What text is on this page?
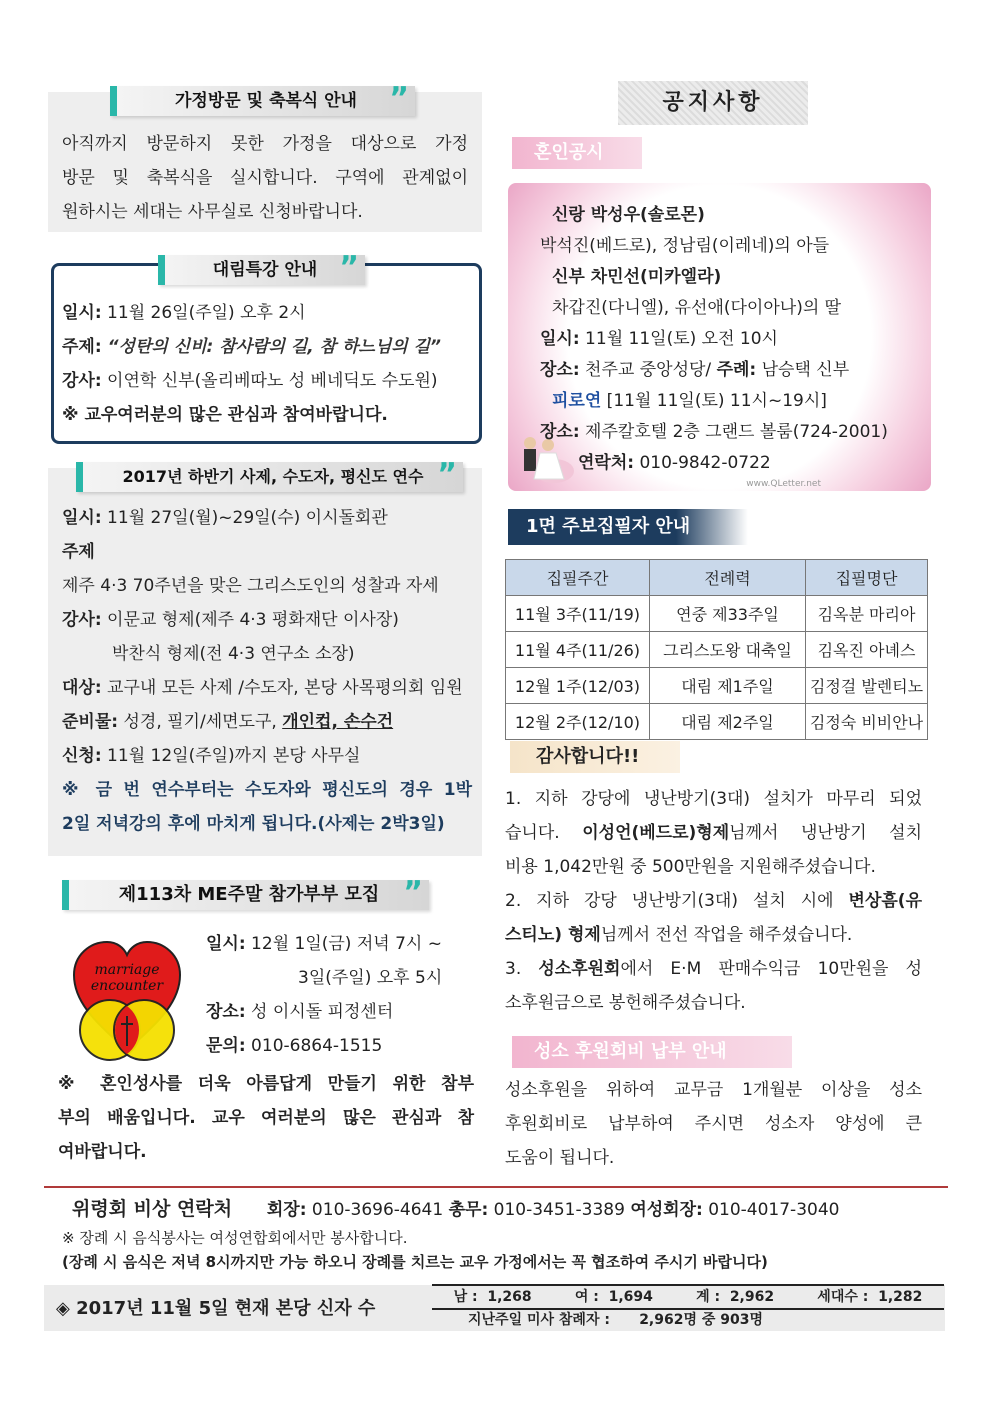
가정방문 및 축복식 안내 ”
아직까지 방문하지 못한 가정을 대상으로 가정
방문 및 축복식을 실시합니다. 구역에 관계없이
원하시는 세대는 사무실로 신청바랍니다.
대림특강 안내 ”
일시: 11월 26일(주일) 오후 2시
주제: “성탄의 신비: 참사람의 길, 참 하느님의 길”
강사: 이연학 신부(올리베따노 성 베네딕도 수도원)
※ 교우여러분의 많은 관심과 참여바랍니다.
2017년 하반기 사제, 수도자, 평신도 연수 ”
일시: 11월 27일(월)~29일(수) 이시돌회관
주제
제주 4·3 70주년을 맞은 그리스도인의 성찰과 자세
강사: 이문교 형제(제주 4·3 평화재단 이사장)
박찬식 형제(전 4·3 연구소 소장)
대상: 교구내 모든 사제 /수도자, 본당 사목평의회 임원
준비물: 성경, 필기/세면도구, 개인컵, 손수건
신청: 11월 12일(주일)까지 본당 사무실
※ 금 번 연수부터는 수도자와 평신도의 경우 1박
2일 저녁강의 후에 마치게 됩니다.(사제는 2박3일)
제113차 ME주말 참가부부 모집 ”
marriage
encounter
일시: 12월 1일(금) 저녁 7시 ~
3일(주일) 오후 5시
장소: 성 이시돌 피정센터
문의: 010-6864-1515
※ 혼인성사를 더욱 아름답게 만들기 위한 참부
부의 배움입니다. 교우 여러분의 많은 관심과 참
여바랍니다.
공지사항
혼인공시
www.QLetter.net
신랑 박성우(솔로몬)
박석진(베드로), 정남림(이레네)의 아들
신부 차민선(미카엘라)
차갑진(다니엘), 유선애(다이아나)의 딸
일시: 11월 11일(토) 오전 10시
장소: 천주교 중앙성당/ 주례: 남승택 신부
피로연 [11월 11일(토) 11시~19시]
장소: 제주칼호텔 2층 그랜드 볼룸(724-2001)
연락처: 010-9842-0722
1면 주보집필자 안내
집필주간	전례력	집필명단
11월 3주(11/19)	연중 제33주일	김옥분 마리아
11월 4주(11/26)	그리스도왕 대축일	김옥진 아녜스
12월 1주(12/03)	대림 제1주일	김정걸 발렌티노
12월 2주(12/10)	대림 제2주일	김정숙 비비안나
감사합니다!!
1. 지하 강당에 냉난방기(3대) 설치가 마무리 되었
습니다. 이성언(베드로)형제님께서 냉난방기 설치
비용 1,042만원 중 500만원을 지원해주셨습니다.
2. 지하 강당 냉난방기(3대) 설치 시에 변상흠(유
스티노) 형제님께서 전선 작업을 해주셨습니다.
3. 성소후원회에서 E·M 판매수익금 10만원을 성
소후원금으로 봉헌해주셨습니다.
성소 후원회비 납부 안내
성소후원을 위하여 교무금 1개월분 이상을 성소
후원회비로 납부하여 주시면 성소자 양성에 큰
도움이 됩니다.
위령회 비상 연락처 회장: 010-3696-4641 총무: 010-3451-3389 여성회장: 010-4017-3040
※ 장례 시 음식봉사는 여성연합회에서만 봉사합니다.
(장례 시 음식은 저녁 8시까지만 가능 하오니 장례를 치르는 교우 가정에서는 꼭 협조하여 주시기 바랍니다)
◈ 2017년 11월 5일 현재 본당 신자 수
남 : 1,268	여 : 1,694	계 : 2,962	세대수 : 1,282
지난주일 미사 참례자 : 2,962명 중 903명
